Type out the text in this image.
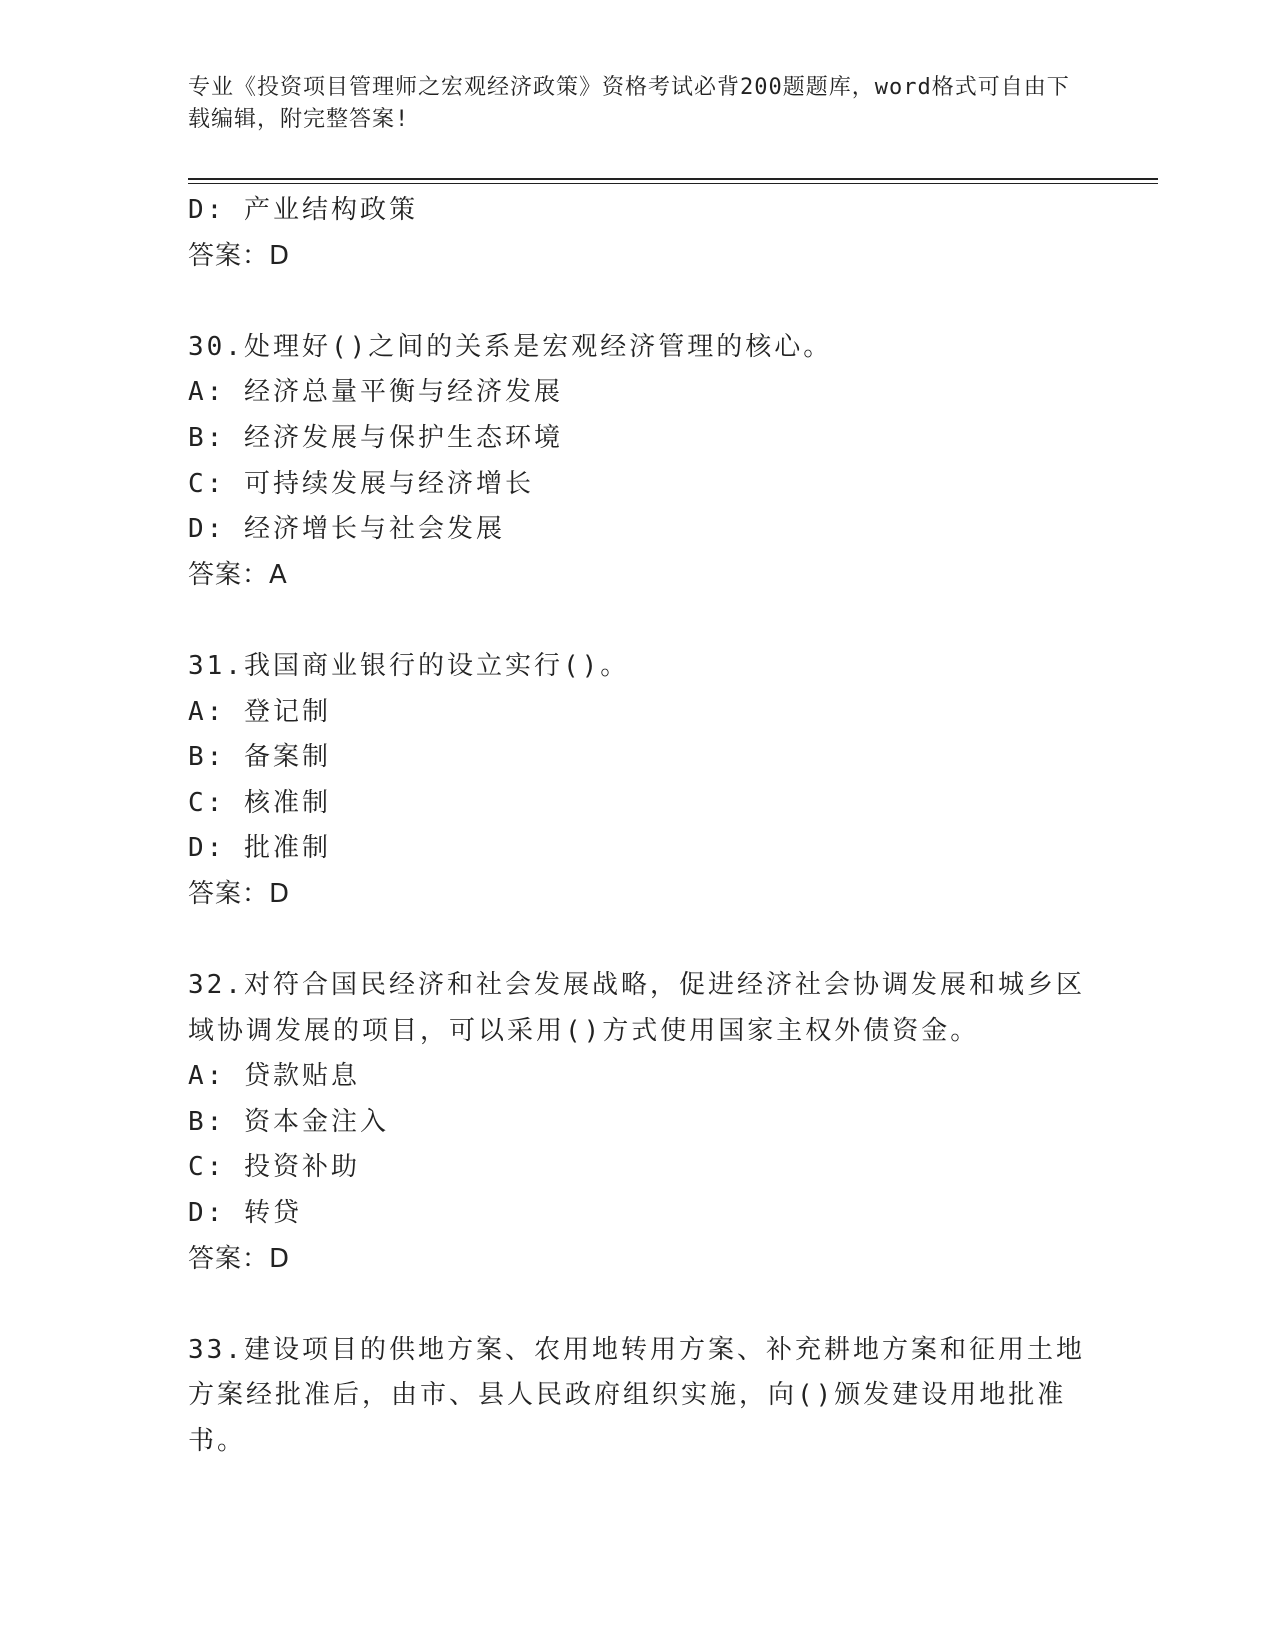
专业《投资项目管理师之宏观经济政策》资格考试必背200题题库，word格式可自由下载编辑，附完整答案!
D: 产业结构政策
答案：D
30.处理好()之间的关系是宏观经济管理的核心。
A: 经济总量平衡与经济发展
B: 经济发展与保护生态环境
C: 可持续发展与经济增长
D: 经济增长与社会发展
答案：A
31.我国商业银行的设立实行()。
A: 登记制
B: 备案制
C: 核准制
D: 批准制
答案：D
32.对符合国民经济和社会发展战略，促进经济社会协调发展和城乡区域协调发展的项目，可以采用()方式使用国家主权外债资金。
A: 贷款贴息
B: 资本金注入
C: 投资补助
D: 转贷
答案：D
33.建设项目的供地方案、农用地转用方案、补充耕地方案和征用土地方案经批准后，由市、县人民政府组织实施，向()颁发建设用地批准书。
